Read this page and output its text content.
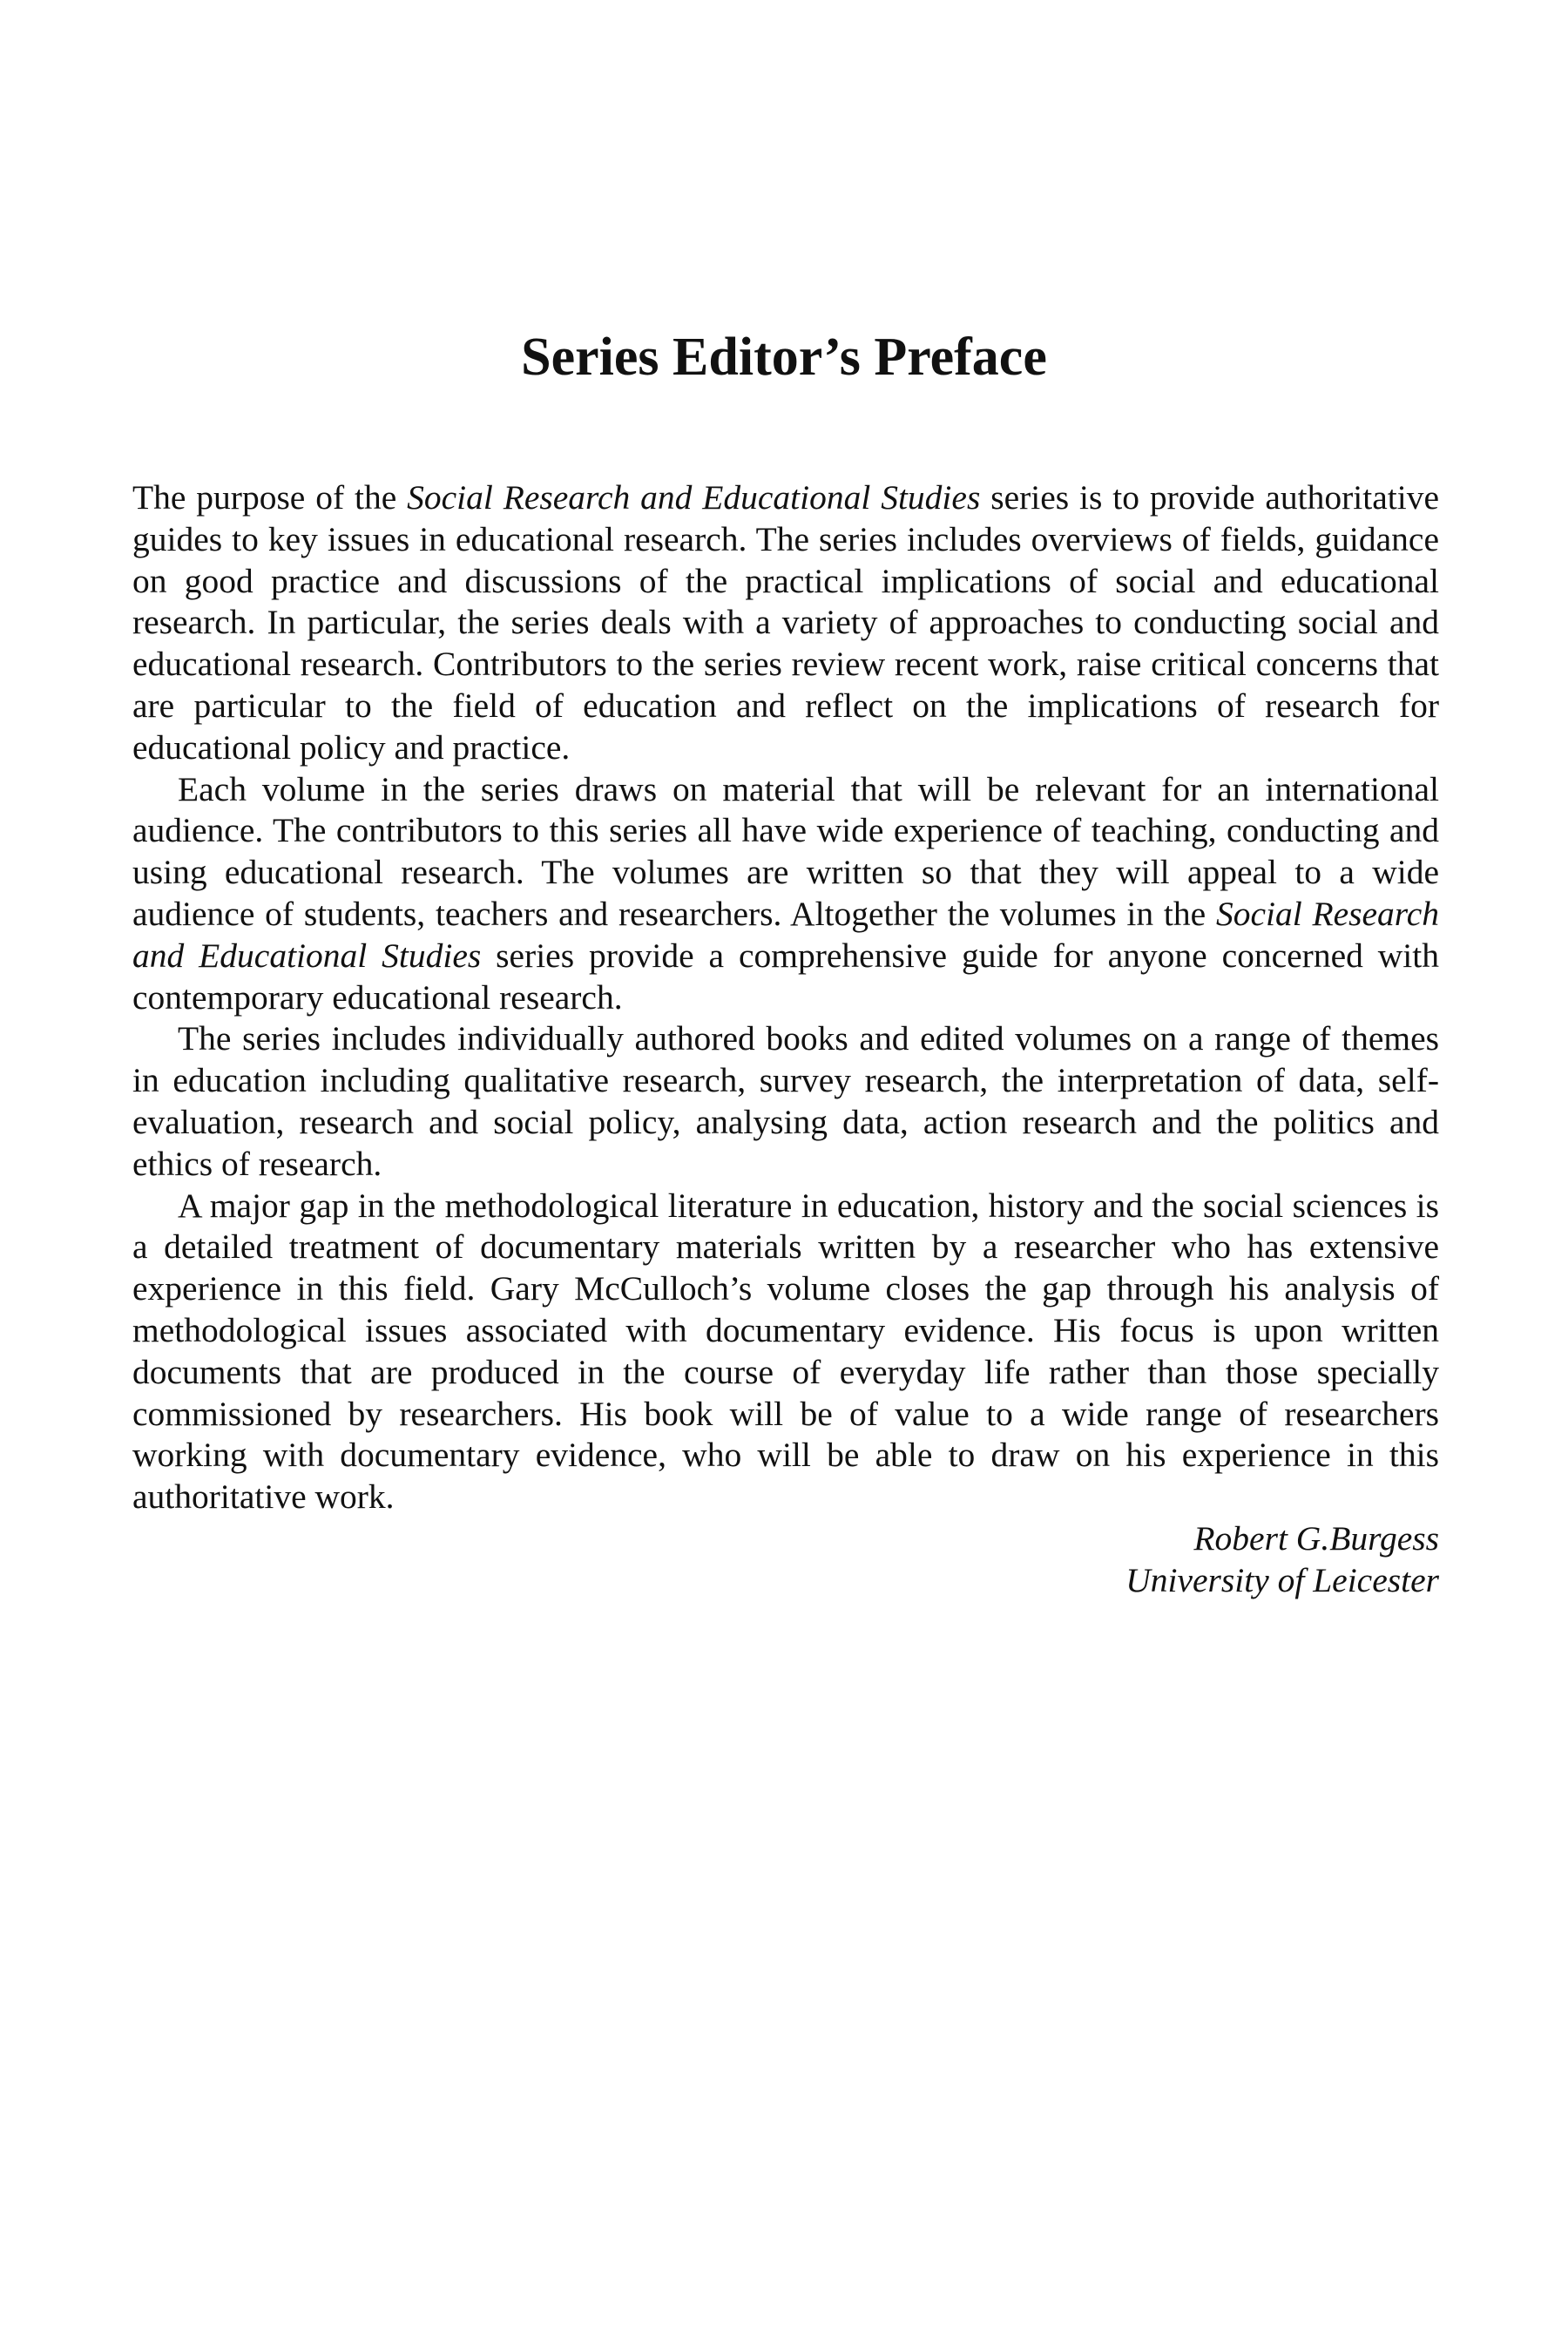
Series Editor’s Preface

The purpose of the Social Research and Educational Studies series is to provide authoritative guides to key issues in educational research. The series includes overviews of fields, guidance on good practice and discussions of the practical implications of social and educational research. In particular, the series deals with a variety of approaches to conducting social and educational research. Contributors to the series review recent work, raise critical concerns that are particular to the field of education and reflect on the implications of research for educational policy and practice.

Each volume in the series draws on material that will be relevant for an international audience. The contributors to this series all have wide experience of teaching, conducting and using educational research. The volumes are written so that they will appeal to a wide audience of students, teachers and researchers. Altogether the volumes in the Social Research and Educational Studies series provide a comprehensive guide for anyone concerned with contemporary educational research.

The series includes individually authored books and edited volumes on a range of themes in education including qualitative research, survey research, the interpretation of data, self-evaluation, research and social policy, analysing data, action research and the politics and ethics of research.

A major gap in the methodological literature in education, history and the social sciences is a detailed treatment of documentary materials written by a researcher who has extensive experience in this field. Gary McCulloch’s volume closes the gap through his analysis of methodological issues associated with documentary evidence. His focus is upon written documents that are produced in the course of everyday life rather than those specially commissioned by researchers. His book will be of value to a wide range of researchers working with documentary evidence, who will be able to draw on his experience in this authoritative work.

Robert G.Burgess
University of Leicester
